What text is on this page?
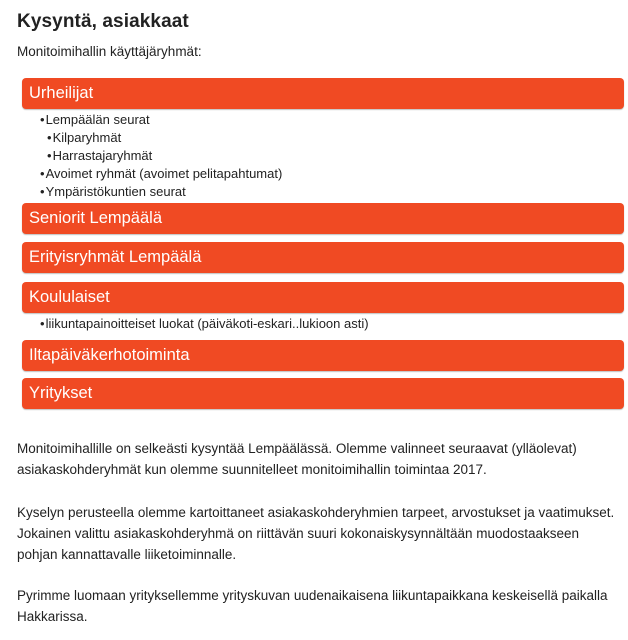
Kysyntä, asiakkaat

Monitoimihallin käyttäjäryhmät:

Urheilijat
• Lempäälän seurat
• Kilparyhmät
• Harrastajaryhmät
• Avoimet ryhmät (avoimet pelitapahtumat)
• Ympäristökuntien seurat
Seniorit Lempäälä
Erityisryhmät Lempäälä
Koululaiset
• liikuntapainoitteiset luokat (päiväkoti-eskari..lukioon asti)
Iltapäiväkerhotoiminta
Yritykset

Monitoimihallille on selkeästi kysyntää Lempäälässä. Olemme valinneet seuraavat (ylläolevat) asiakaskohderyhmät kun olemme suunnitelleet monitoimihallin toimintaa 2017.

Kyselyn perusteella olemme kartoittaneet asiakaskohderyhmien tarpeet, arvostukset ja vaatimukset. Jokainen valittu asiakaskohderyhmä on riittävän suuri kokonaiskysynnältään muodostaakseen pohjan kannattavalle liiketoiminnalle.

Pyrimme luomaan yrityksellemme yrityskuvan uudenaikaisena liikuntapaikkana keskeisellä paikalla Hakkarissa.
